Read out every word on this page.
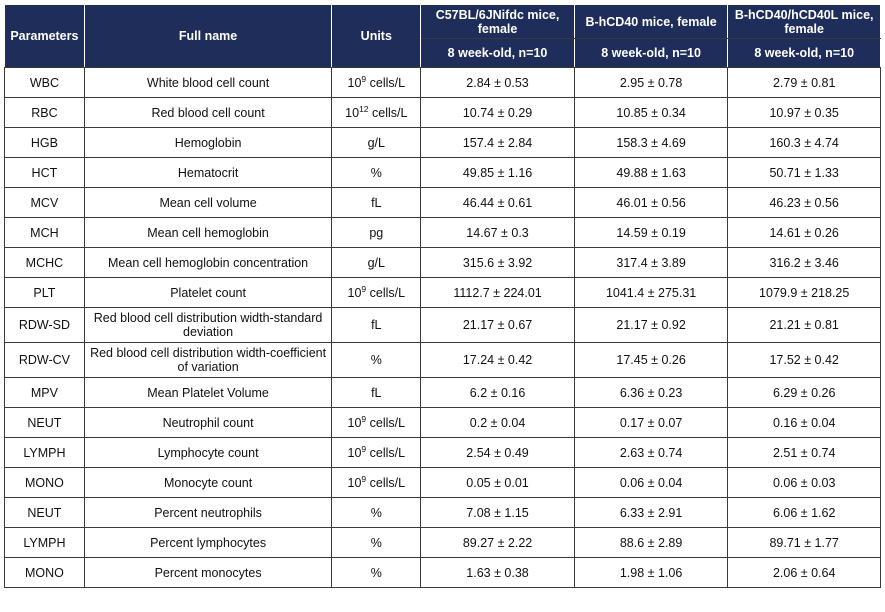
Parameters	Full name	Units	C57BL/6JNifdc mice, female	B-hCD40 mice, female	B-hCD40/hCD40L mice, female
			8 week-old, n=10	8 week-old, n=10	8 week-old, n=10
WBC	White blood cell count	$10^9$ cells/L	2.84 ± 0.53	2.95 ± 0.78	2.79 ± 0.81
RBC	Red blood cell count	$10^{12}$ cells/L	10.74 ± 0.29	10.85 ± 0.34	10.97 ± 0.35
HGB	Hemoglobin	g/L	157.4 ± 2.84	158.3 ± 4.69	160.3 ± 4.74
HCT	Hematocrit	%	49.85 ± 1.16	49.88 ± 1.63	50.71 ± 1.33
MCV	Mean cell volume	fL	46.44 ± 0.61	46.01 ± 0.56	46.23 ± 0.56
MCH	Mean cell hemoglobin	pg	14.67 ± 0.3	14.59 ± 0.19	14.61 ± 0.26
MCHC	Mean cell hemoglobin concentration	g/L	315.6 ± 3.92	317.4 ± 3.89	316.2 ± 3.46
PLT	Platelet count	$10^9$ cells/L	1112.7 ± 224.01	1041.4 ± 275.31	1079.9 ± 218.25
RDW-SD	Red blood cell distribution width-standard deviation	fL	21.17 ± 0.67	21.17 ± 0.92	21.21 ± 0.81
RDW-CV	Red blood cell distribution width-coefficient of variation	%	17.24 ± 0.42	17.45 ± 0.26	17.52 ± 0.42
MPV	Mean Platelet Volume	fL	6.2 ± 0.16	6.36 ± 0.23	6.29 ± 0.26
NEUT	Neutrophil count	$10^9$ cells/L	0.2 ± 0.04	0.17 ± 0.07	0.16 ± 0.04
LYMPH	Lymphocyte count	$10^9$ cells/L	2.54 ± 0.49	2.63 ± 0.74	2.51 ± 0.74
MONO	Monocyte count	$10^9$ cells/L	0.05 ± 0.01	0.06 ± 0.04	0.06 ± 0.03
NEUT	Percent neutrophils	%	7.08 ± 1.15	6.33 ± 2.91	6.06 ± 1.62
LYMPH	Percent lymphocytes	%	89.27 ± 2.22	88.6 ± 2.89	89.71 ± 1.77
MONO	Percent monocytes	%	1.63 ± 0.38	1.98 ± 1.06	2.06 ± 0.64
